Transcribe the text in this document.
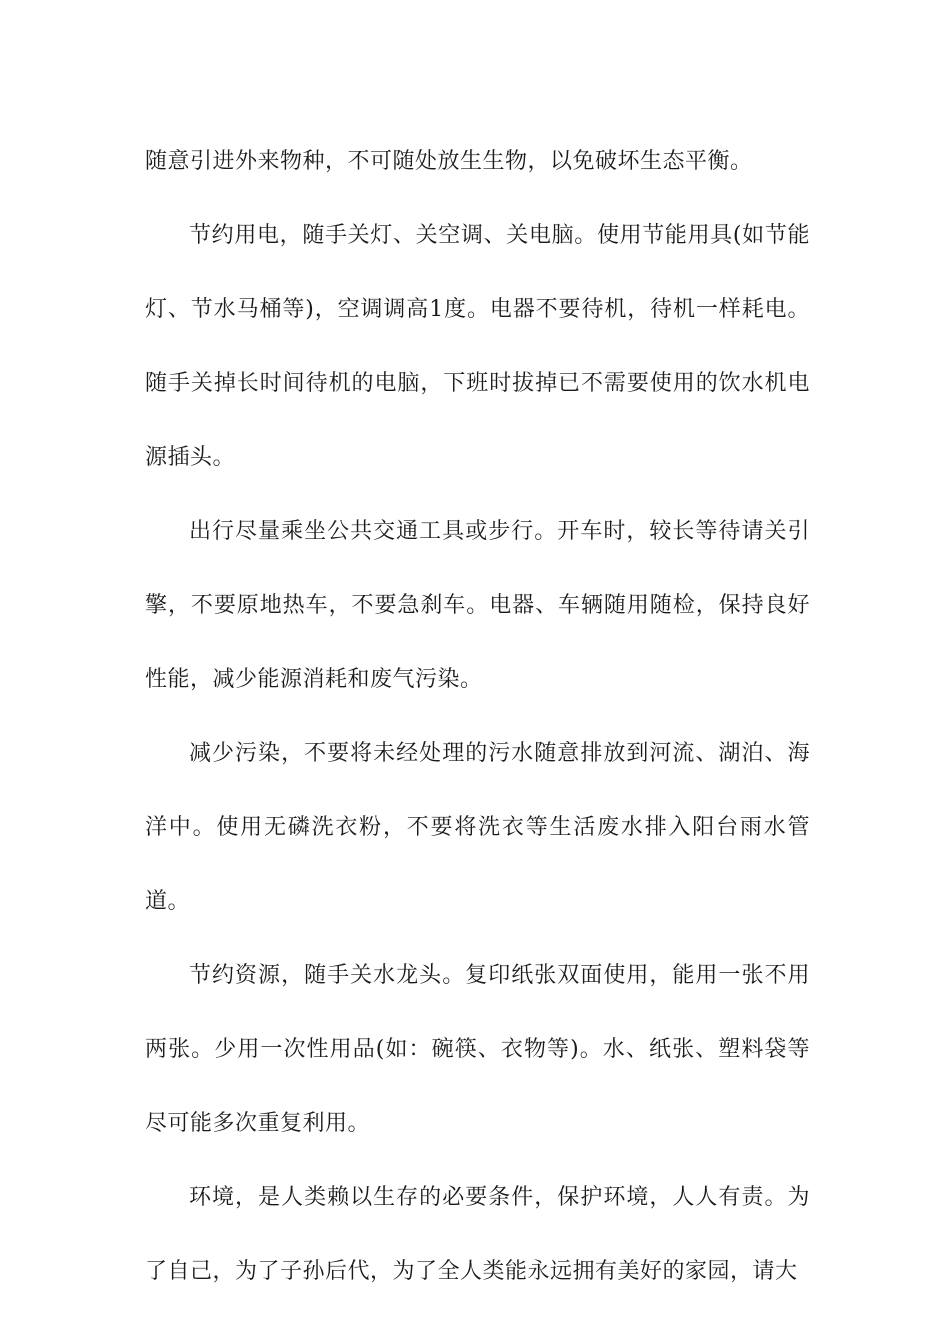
随意引进外来物种，不可随处放生生物，以免破坏生态平衡。

节约用电，随手关灯、关空调、关电脑。使用节能用具(如节能灯、节水马桶等)，空调调高1度。电器不要待机，待机一样耗电。随手关掉长时间待机的电脑，下班时拔掉已不需要使用的饮水机电源插头。

出行尽量乘坐公共交通工具或步行。开车时，较长等待请关引擎，不要原地热车，不要急刹车。电器、车辆随用随检，保持良好性能，减少能源消耗和废气污染。

减少污染，不要将未经处理的污水随意排放到河流、湖泊、海洋中。使用无磷洗衣粉，不要将洗衣等生活废水排入阳台雨水管道。

节约资源，随手关水龙头。复印纸张双面使用，能用一张不用两张。少用一次性用品(如：碗筷、衣物等)。水、纸张、塑料袋等尽可能多次重复利用。

环境，是人类赖以生存的必要条件，保护环境，人人有责。为了自己，为了子孙后代，为了全人类能永远拥有美好的家园，请大
